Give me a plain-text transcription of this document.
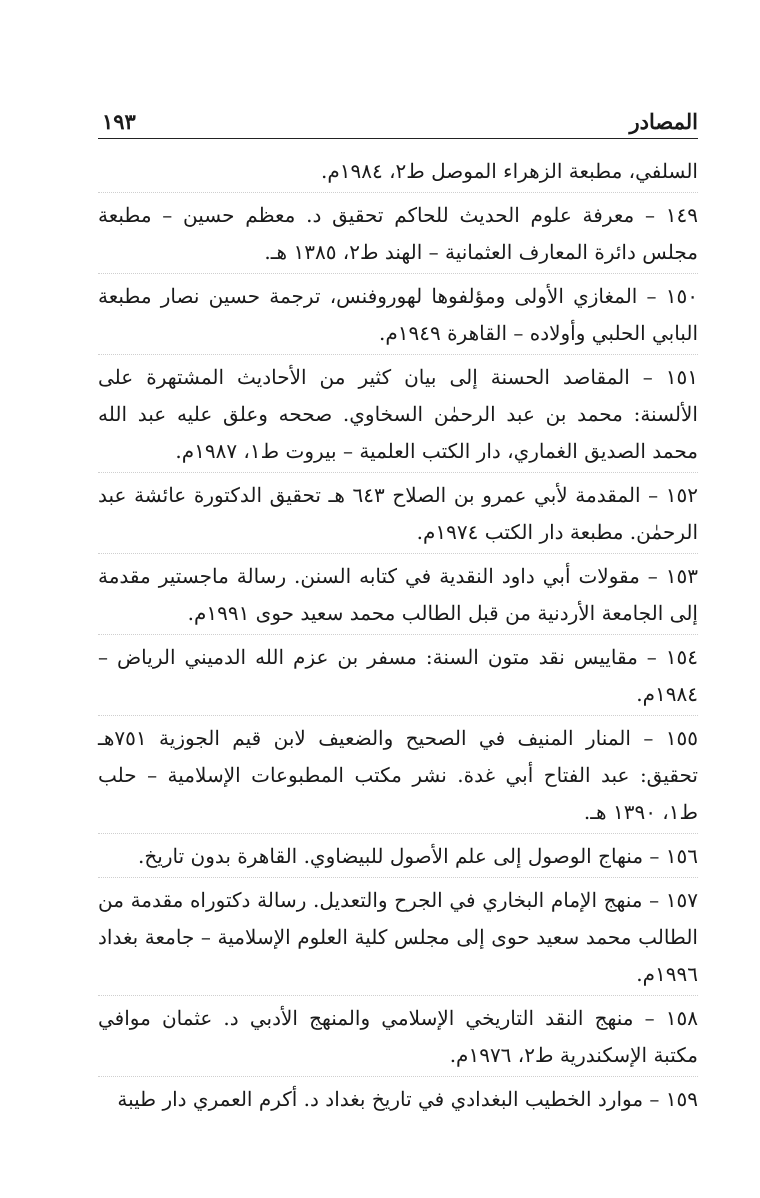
المصادر
١٩٣

السلفي، مطبعة الزهراء الموصل ط٢، ١٩٨٤م.

١٤٩ – معرفة علوم الحديث للحاكم تحقيق د. معظم حسين – مطبعة مجلس دائرة المعارف العثمانية – الهند ط٢، ١٣٨٥ هـ.

١٥٠ – المغازي الأولى ومؤلفوها لهوروفنس، ترجمة حسين نصار مطبعة البابي الحلبي وأولاده – القاهرة ١٩٤٩م.

١٥١ – المقاصد الحسنة إلى بيان كثير من الأحاديث المشتهرة على الألسنة: محمد بن عبد الرحمٰن السخاوي. صححه وعلق عليه عبد الله محمد الصديق الغماري، دار الكتب العلمية – بيروت ط١، ١٩٨٧م.

١٥٢ – المقدمة لأبي عمرو بن الصلاح ٦٤٣ هـ تحقيق الدكتورة عائشة عبد الرحمٰن. مطبعة دار الكتب ١٩٧٤م.

١٥٣ – مقولات أبي داود النقدية في كتابه السنن. رسالة ماجستير مقدمة إلى الجامعة الأردنية من قبل الطالب محمد سعيد حوى ١٩٩١م.

١٥٤ – مقاييس نقد متون السنة: مسفر بن عزم الله الدميني الرياض – ١٩٨٤م.

١٥٥ – المنار المنيف في الصحيح والضعيف لابن قيم الجوزية ٧٥١هـ تحقيق: عبد الفتاح أبي غدة. نشر مكتب المطبوعات الإسلامية – حلب ط١، ١٣٩٠ هـ.

١٥٦ – منهاج الوصول إلى علم الأصول للبيضاوي. القاهرة بدون تاريخ.

١٥٧ – منهج الإمام البخاري في الجرح والتعديل. رسالة دكتوراه مقدمة من الطالب محمد سعيد حوى إلى مجلس كلية العلوم الإسلامية – جامعة بغداد ١٩٩٦م.

١٥٨ – منهج النقد التاريخي الإسلامي والمنهج الأدبي د. عثمان موافي مكتبة الإسكندرية ط٢، ١٩٧٦م.

١٥٩ – موارد الخطيب البغدادي في تاريخ بغداد د. أكرم العمري دار طيبة
